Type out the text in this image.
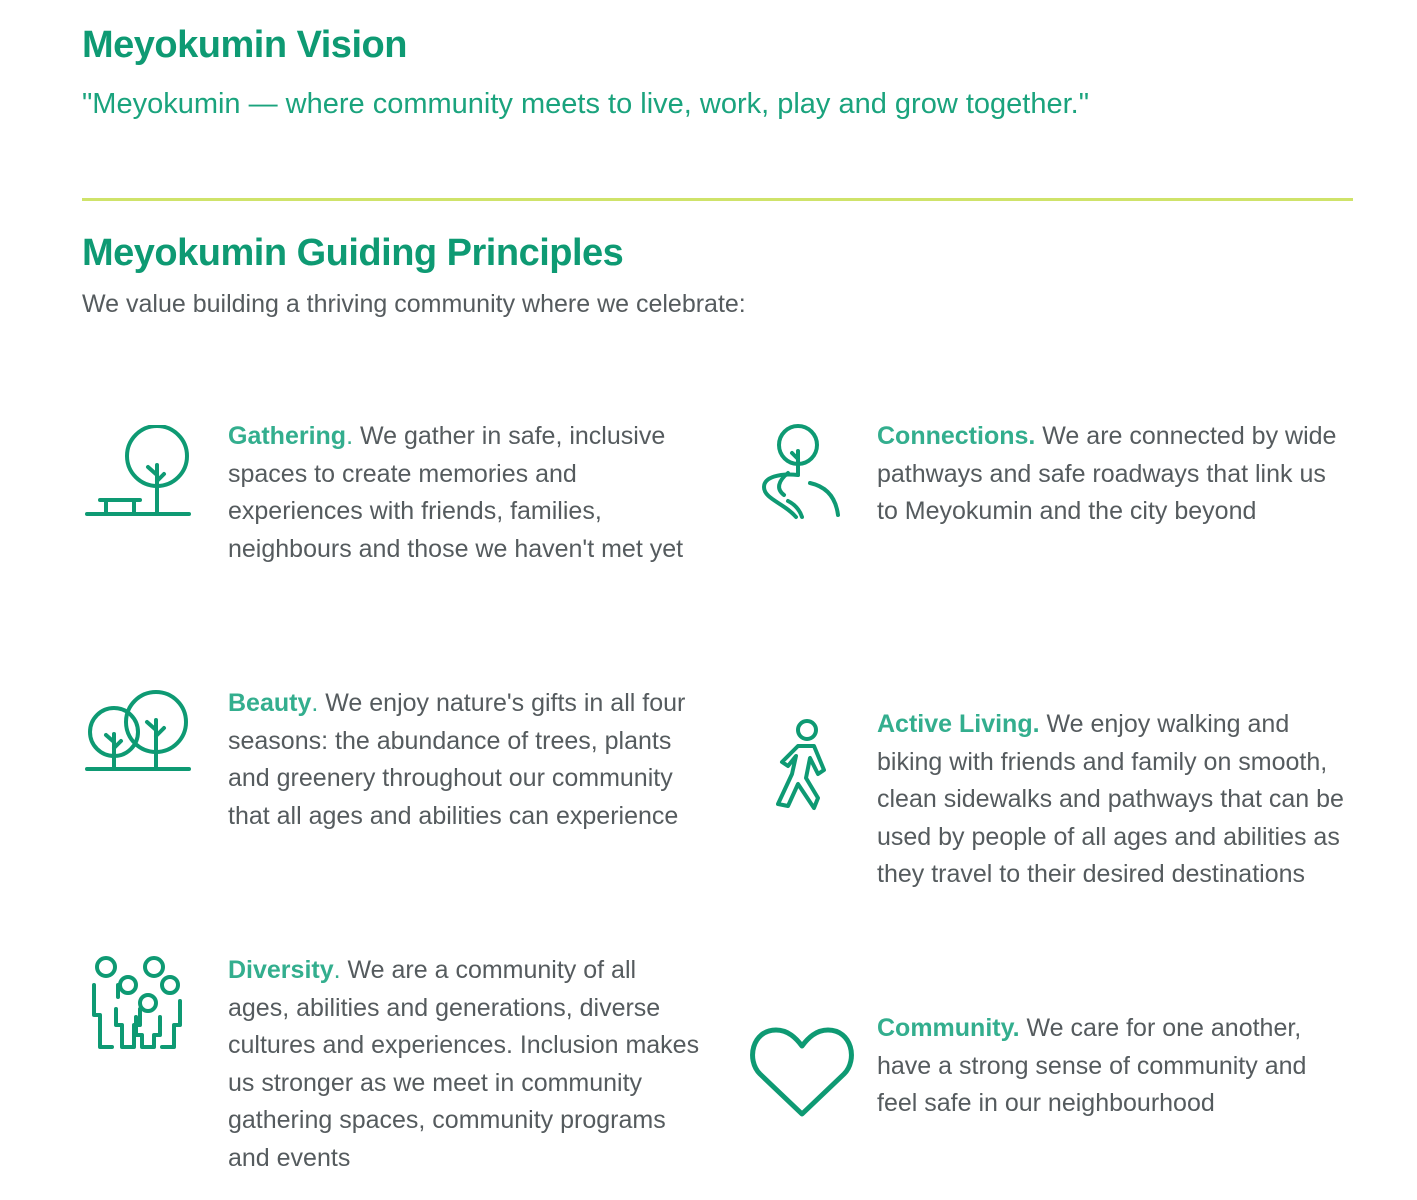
Meyokumin Vision

"Meyokumin — where community meets to live, work, play and grow together."

Meyokumin Guiding Principles

We value building a thriving community where we celebrate:

Gathering. We gather in safe, inclusive spaces to create memories and experiences with friends, families, neighbours and those we haven't met yet

Connections. We are connected by wide pathways and safe roadways that link us to Meyokumin and the city beyond

Beauty. We enjoy nature's gifts in all four seasons: the abundance of trees, plants and greenery throughout our community that all ages and abilities can experience

Active Living. We enjoy walking and biking with friends and family on smooth, clean sidewalks and pathways that can be used by people of all ages and abilities as they travel to their desired destinations

Diversity. We are a community of all ages, abilities and generations, diverse cultures and experiences. Inclusion makes us stronger as we meet in community gathering spaces, community programs and events

Community. We care for one another, have a strong sense of community and feel safe in our neighbourhood
